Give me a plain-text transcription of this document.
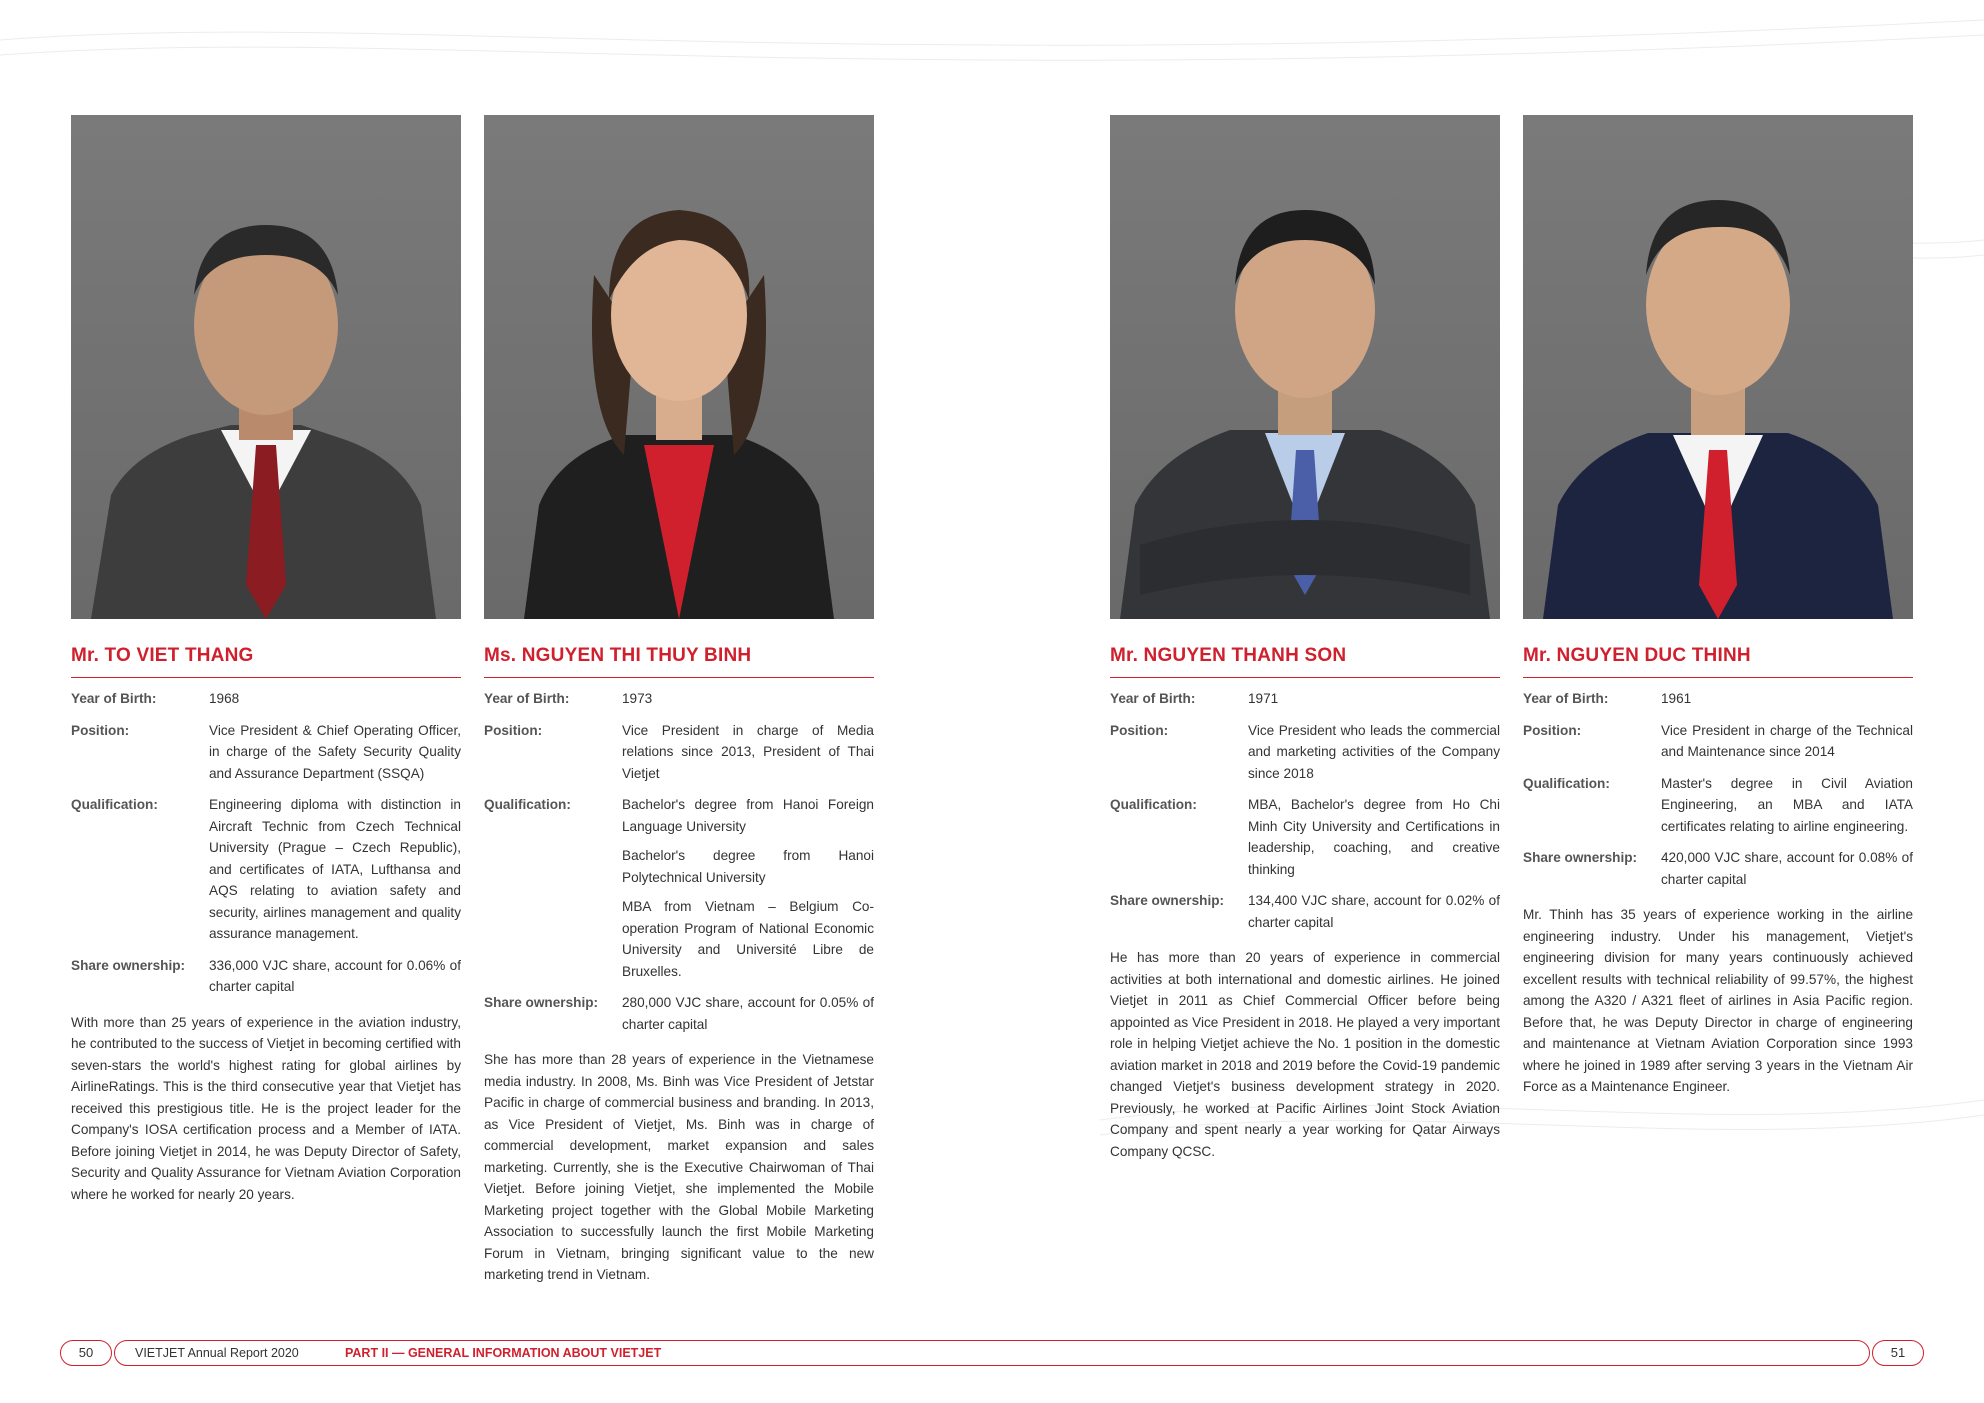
Mr. TO VIET THANG
Year of Birth:	1968
Position:	Vice President & Chief Operating Officer, in charge of the Safety Security Quality and Assurance Department (SSQA)
Qualification:	Engineering diploma with distinction in Aircraft Technic from Czech Technical University (Prague – Czech Republic), and certificates of IATA, Lufthansa and AQS relating to aviation safety and security, airlines management and quality assurance management.

Share ownership:	336,000 VJC share, account for 0.06% of charter capital
With more than 25 years of experience in the aviation industry, he contributed to the success of Vietjet in becoming certified with seven-stars the world's highest rating for global airlines by AirlineRatings. This is the third consecutive year that Vietjet has received this prestigious title. He is the project leader for the Company's IOSA certification process and a Member of IATA. Before joining Vietjet in 2014, he was Deputy Director of Safety, Security and Quality Assurance for Vietnam Aviation Corporation where he worked for nearly 20 years.
Ms. NGUYEN THI THUY BINH
Year of Birth:	1973
Position:	Vice President in charge of Media relations since 2013, President of Thai Vietjet
Qualification:	Bachelor's degree from Hanoi Foreign Language University

Bachelor's degree from Hanoi Polytechnical University

MBA from Vietnam – Belgium Co-operation Program of National Economic University and Université Libre de Bruxelles.

Share ownership:	280,000 VJC share, account for 0.05% of charter capital
She has more than 28 years of experience in the Vietnamese media industry. In 2008, Ms. Binh was Vice President of Jetstar Pacific in charge of commercial business and branding. In 2013, as Vice President of Vietjet, Ms. Binh was in charge of commercial development, market expansion and sales marketing. Currently, she is the Executive Chairwoman of Thai Vietjet. Before joining Vietjet, she implemented the Mobile Marketing project together with the Global Mobile Marketing Association to successfully launch the first Mobile Marketing Forum in Vietnam, bringing significant value to the new marketing trend in Vietnam.
Mr. NGUYEN THANH SON
Year of Birth:	1971
Position:	Vice President who leads the commercial and marketing activities of the Company since 2018
Qualification:	MBA, Bachelor's degree from Ho Chi Minh City University and Certifications in leadership, coaching, and creative thinking

Share ownership:	134,400 VJC share, account for 0.02% of charter capital
He has more than 20 years of experience in commercial activities at both international and domestic airlines. He joined Vietjet in 2011 as Chief Commercial Officer before being appointed as Vice President in 2018. He played a very important role in helping Vietjet achieve the No. 1 position in the domestic aviation market in 2018 and 2019 before the Covid-19 pandemic changed Vietjet's business development strategy in 2020. Previously, he worked at Pacific Airlines Joint Stock Aviation Company and spent nearly a year working for Qatar Airways Company QCSC.
Mr. NGUYEN DUC THINH
Year of Birth:	1961
Position:	Vice President in charge of the Technical and Maintenance since 2014
Qualification:	Master's degree in Civil Aviation Engineering, an MBA and IATA certificates relating to airline engineering.

Share ownership:	420,000 VJC share, account for 0.08% of charter capital
Mr. Thinh has 35 years of experience working in the airline engineering industry. Under his management, Vietjet's engineering division for many years continuously achieved excellent results with technical reliability of 99.57%, the highest among the A320 / A321 fleet of airlines in Asia Pacific region. Before that, he was Deputy Director in charge of engineering and maintenance at Vietnam Aviation Corporation since 1993 where he joined in 1989 after serving 3 years in the Vietnam Air Force as a Maintenance Engineer.
50	VIETJET Annual Report 2020	PART II — GENERAL INFORMATION ABOUT VIETJET	51
